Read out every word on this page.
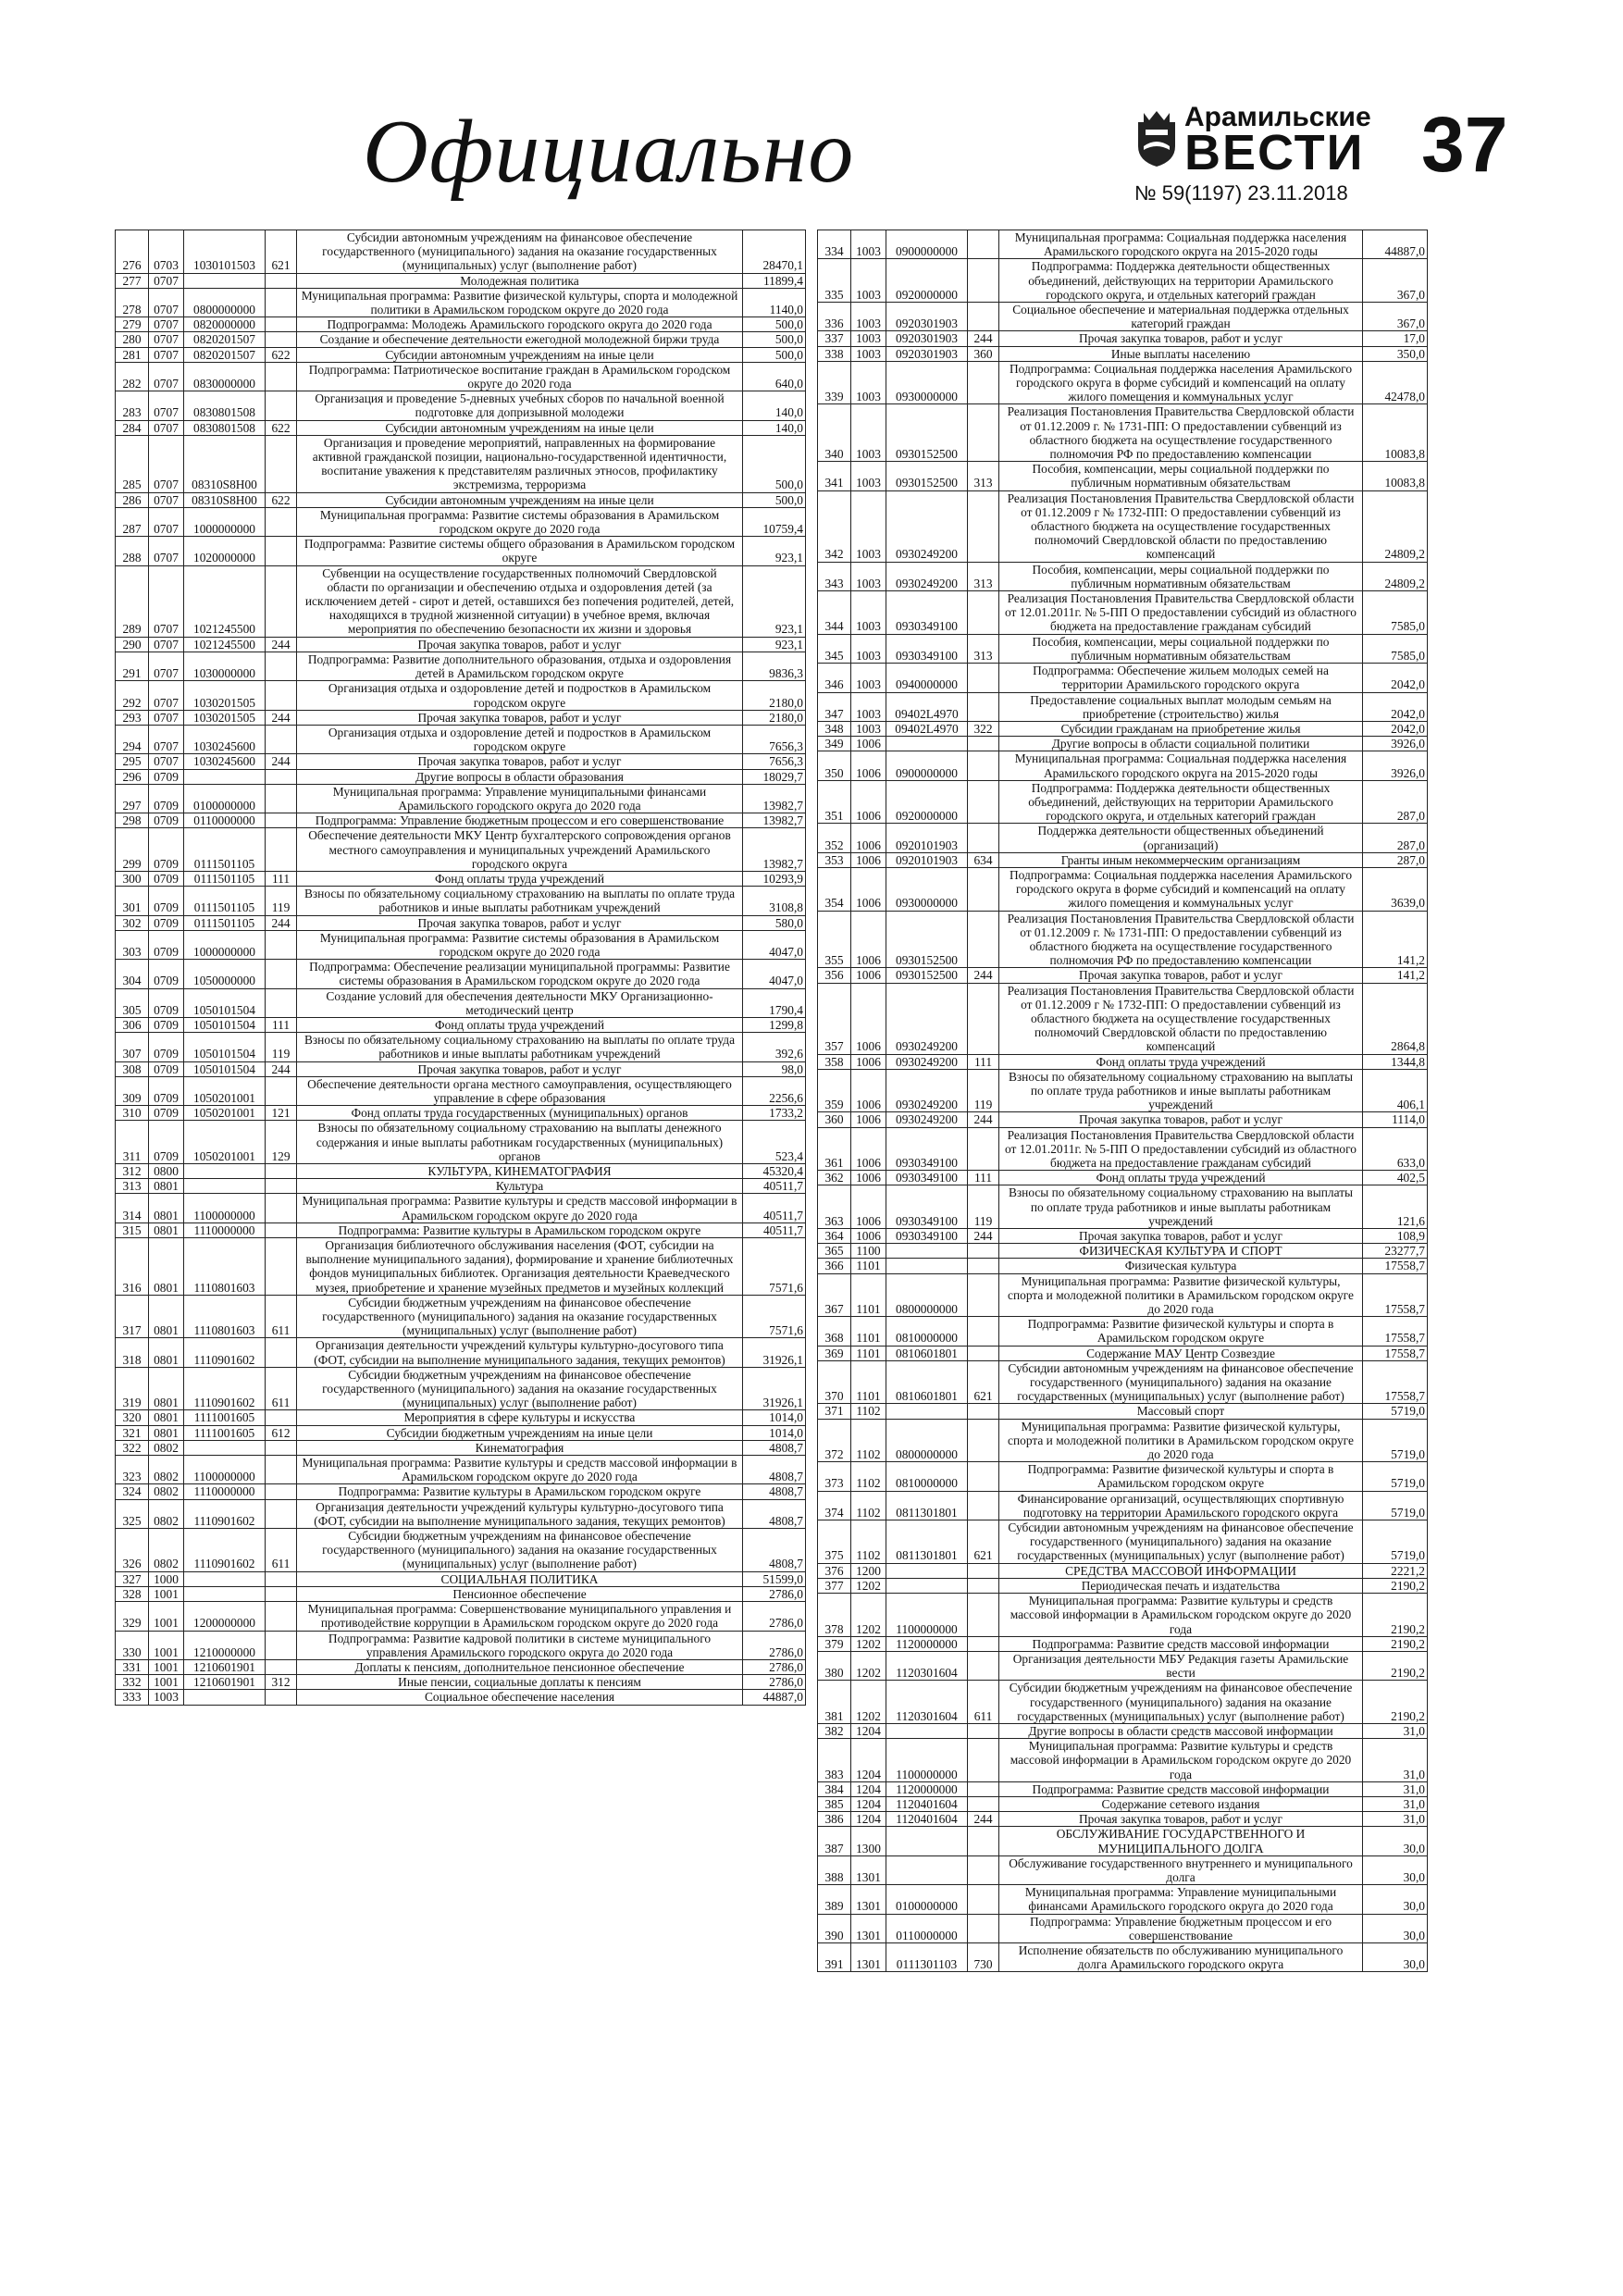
Официально	Арамильские
ВЕСТИ 37
№ 59(1197) 23.11.2018
276	0703	1030101503	621	Субсидии автономным учреждениям на финансовое обеспечение государственного (муниципального) задания на оказание государственных (муниципальных) услуг (выполнение работ)	28470,1
277	0707			Молодежная политика	11899,4
278	0707	0800000000		Муниципальная программа: Развитие физической культуры, спорта и молодежной политики в Арамильском городском округе до 2020 года	1140,0
279	0707	0820000000		Подпрограмма: Молодежь Арамильского городского округа до 2020 года	500,0
280	0707	0820201507		Создание и обеспечение деятельности ежегодной молодежной биржи труда	500,0
281	0707	0820201507	622	Субсидии автономным учреждениям на иные цели	500,0
282	0707	0830000000		Подпрограмма: Патриотическое воспитание граждан в Арамильском городском округе до 2020 года	640,0
283	0707	0830801508		Организация и проведение 5-дневных учебных сборов по начальной военной подготовке для допризывной молодежи	140,0
284	0707	0830801508	622	Субсидии автономным учреждениям на иные цели	140,0
285	0707	08310S8H00		Организация и проведение мероприятий, направленных на формирование активной гражданской позиции, национально-государственной идентичности, воспитание уважения к представителям различных этносов, профилактику экстремизма, терроризма	500,0
286	0707	08310S8H00	622	Субсидии автономным учреждениям на иные цели	500,0
287	0707	1000000000		Муниципальная программа: Развитие системы образования в Арамильском городском округе до 2020 года	10759,4
288	0707	1020000000		Подпрограмма: Развитие системы общего образования в Арамильском городском округе	923,1
289	0707	1021245500		Субвенции на осуществление государственных полномочий Свердловской области по организации и обеспечению отдыха и оздоровления детей (за исключением детей - сирот и детей, оставшихся без попечения родителей, детей, находящихся в трудной жизненной ситуации) в учебное время, включая мероприятия по обеспечению безопасности их жизни и здоровья	923,1
290	0707	1021245500	244	Прочая закупка товаров, работ и услуг	923,1
291	0707	1030000000		Подпрограмма: Развитие дополнительного образования, отдыха и оздоровления детей в Арамильском городском округе	9836,3
292	0707	1030201505		Организация отдыха и оздоровление детей и подростков в Арамильском городском округе	2180,0
293	0707	1030201505	244	Прочая закупка товаров, работ и услуг	2180,0
294	0707	1030245600		Организация отдыха и оздоровление детей и подростков в Арамильском городском округе	7656,3
295	0707	1030245600	244	Прочая закупка товаров, работ и услуг	7656,3
296	0709			Другие вопросы в области образования	18029,7
297	0709	0100000000		Муниципальная программа: Управление муниципальными финансами Арамильского городского округа до 2020 года	13982,7
298	0709	0110000000		Подпрограмма: Управление бюджетным процессом и его совершенствование	13982,7
299	0709	0111501105		Обеспечение деятельности МКУ Центр бухгалтерского сопровождения органов местного самоуправления и муниципальных учреждений Арамильского городского округа	13982,7
300	0709	0111501105	111	Фонд оплаты труда учреждений	10293,9
301	0709	0111501105	119	Взносы по обязательному социальному страхованию на выплаты по оплате труда работников и иные выплаты работникам учреждений	3108,8
302	0709	0111501105	244	Прочая закупка товаров, работ и услуг	580,0
303	0709	1000000000		Муниципальная программа: Развитие системы образования в Арамильском городском округе до 2020 года	4047,0
304	0709	1050000000		Подпрограмма: Обеспечение реализации муниципальной программы: Развитие системы образования в Арамильском городском округе до 2020 года	4047,0
305	0709	1050101504		Создание условий для обеспечения деятельности МКУ Организационно-методический центр	1790,4
306	0709	1050101504	111	Фонд оплаты труда учреждений	1299,8
307	0709	1050101504	119	Взносы по обязательному социальному страхованию на выплаты по оплате труда работников и иные выплаты работникам учреждений	392,6
308	0709	1050101504	244	Прочая закупка товаров, работ и услуг	98,0
309	0709	1050201001		Обеспечение деятельности органа местного самоуправления, осуществляющего управление в сфере образования	2256,6
310	0709	1050201001	121	Фонд оплаты труда государственных (муниципальных) органов	1733,2
311	0709	1050201001	129	Взносы по обязательному социальному страхованию на выплаты денежного содержания и иные выплаты работникам государственных (муниципальных) органов	523,4
312	0800			КУЛЬТУРА, КИНЕМАТОГРАФИЯ	45320,4
313	0801			Культура	40511,7
314	0801	1100000000		Муниципальная программа: Развитие культуры и средств массовой информации в Арамильском городском округе до 2020 года	40511,7
315	0801	1110000000		Подпрограмма: Развитие культуры в Арамильском городском округе	40511,7
316	0801	1110801603		Организация библиотечного обслуживания населения (ФОТ, субсидии на выполнение муниципального задания), формирование и хранение библиотечных фондов муниципальных библиотек. Организация деятельности Краеведческого музея, приобретение и хранение музейных предметов и музейных коллекций	7571,6
317	0801	1110801603	611	Субсидии бюджетным учреждениям на финансовое обеспечение государственного (муниципального) задания на оказание государственных (муниципальных) услуг (выполнение работ)	7571,6
318	0801	1110901602		Организация деятельности учреждений культуры культурно-досугового типа (ФОТ, субсидии на выполнение муниципального задания, текущих ремонтов)	31926,1
319	0801	1110901602	611	Субсидии бюджетным учреждениям на финансовое обеспечение государственного (муниципального) задания на оказание государственных (муниципальных) услуг (выполнение работ)	31926,1
320	0801	1111001605		Мероприятия в сфере культуры и искусства	1014,0
321	0801	1111001605	612	Субсидии бюджетным учреждениям на иные цели	1014,0
322	0802			Кинематография	4808,7
323	0802	1100000000		Муниципальная программа: Развитие культуры и средств массовой информации в Арамильском городском округе до 2020 года	4808,7
324	0802	1110000000		Подпрограмма: Развитие культуры в Арамильском городском округе	4808,7
325	0802	1110901602		Организация деятельности учреждений культуры культурно-досугового типа (ФОТ, субсидии на выполнение муниципального задания, текущих ремонтов)	4808,7
326	0802	1110901602	611	Субсидии бюджетным учреждениям на финансовое обеспечение государственного (муниципального) задания на оказание государственных (муниципальных) услуг (выполнение работ)	4808,7
327	1000			СОЦИАЛЬНАЯ ПОЛИТИКА	51599,0
328	1001			Пенсионное обеспечение	2786,0
329	1001	1200000000		Муниципальная программа: Совершенствование муниципального управления и противодействие коррупции в Арамильском городском округе до 2020 года	2786,0
330	1001	1210000000		Подпрограмма: Развитие кадровой политики в системе муниципального управления Арамильского городского округа до 2020 года	2786,0
331	1001	1210601901		Доплаты к пенсиям, дополнительное пенсионное обеспечение	2786,0
332	1001	1210601901	312	Иные пенсии, социальные доплаты к пенсиям	2786,0
333	1003			Социальное обеспечение населения	44887,0
334	1003	0900000000		Муниципальная программа: Социальная поддержка населения Арамильского городского округа на 2015-2020 годы	44887,0
335	1003	0920000000		Подпрограмма: Поддержка деятельности общественных объединений, действующих на территории Арамильского городского округа, и отдельных категорий граждан	367,0
336	1003	0920301903		Социальное обеспечение и материальная поддержка отдельных категорий граждан	367,0
337	1003	0920301903	244	Прочая закупка товаров, работ и услуг	17,0
338	1003	0920301903	360	Иные выплаты населению	350,0
339	1003	0930000000		Подпрограмма: Социальная поддержка населения Арамильского городского округа в форме субсидий и компенсаций на оплату жилого помещения и коммунальных услуг	42478,0
340	1003	0930152500		Реализация Постановления Правительства Свердловской области от 01.12.2009 г. № 1731-ПП: О предоставлении субвенций из областного бюджета на осуществление государственного полномочия РФ по предоставлению компенсации	10083,8
341	1003	0930152500	313	Пособия, компенсации, меры социальной поддержки по публичным нормативным обязательствам	10083,8
342	1003	0930249200		Реализация Постановления Правительства Свердловской области от 01.12.2009 г № 1732-ПП: О предоставлении субвенций из областного бюджета на осуществление государственных полномочий Свердловской области по предоставлению компенсаций	24809,2
343	1003	0930249200	313	Пособия, компенсации, меры социальной поддержки по публичным нормативным обязательствам	24809,2
344	1003	0930349100		Реализация Постановления Правительства Свердловской области от 12.01.2011г. № 5-ПП О предоставлении субсидий из областного бюджета на предоставление гражданам субсидий	7585,0
345	1003	0930349100	313	Пособия, компенсации, меры социальной поддержки по публичным нормативным обязательствам	7585,0
346	1003	0940000000		Подпрограмма: Обеспечение жильем молодых семей на территории Арамильского городского округа	2042,0
347	1003	09402L4970		Предоставление социальных выплат молодым семьям на приобретение (строительство) жилья	2042,0
348	1003	09402L4970	322	Субсидии гражданам на приобретение жилья	2042,0
349	1006			Другие вопросы в области социальной политики	3926,0
350	1006	0900000000		Муниципальная программа: Социальная поддержка населения Арамильского городского округа на 2015-2020 годы	3926,0
351	1006	0920000000		Подпрограмма: Поддержка деятельности общественных объединений, действующих на территории Арамильского городского округа, и отдельных категорий граждан	287,0
352	1006	0920101903		Поддержка деятельности общественных объединений (организаций)	287,0
353	1006	0920101903	634	Гранты иным некоммерческим организациям	287,0
354	1006	0930000000		Подпрограмма: Социальная поддержка населения Арамильского городского округа в форме субсидий и компенсаций на оплату жилого помещения и коммунальных услуг	3639,0
355	1006	0930152500		Реализация Постановления Правительства Свердловской области от 01.12.2009 г. № 1731-ПП: О предоставлении субвенций из областного бюджета на осуществление государственного полномочия РФ по предоставлению компенсации	141,2
356	1006	0930152500	244	Прочая закупка товаров, работ и услуг	141,2
357	1006	0930249200		Реализация Постановления Правительства Свердловской области от 01.12.2009 г № 1732-ПП: О предоставлении субвенций из областного бюджета на осуществление государственных полномочий Свердловской области по предоставлению компенсаций	2864,8
358	1006	0930249200	111	Фонд оплаты труда учреждений	1344,8
359	1006	0930249200	119	Взносы по обязательному социальному страхованию на выплаты по оплате труда работников и иные выплаты работникам учреждений	406,1
360	1006	0930249200	244	Прочая закупка товаров, работ и услуг	1114,0
361	1006	0930349100		Реализация Постановления Правительства Свердловской области от 12.01.2011г. № 5-ПП О предоставлении субсидий из областного бюджета на предоставление гражданам субсидий	633,0
362	1006	0930349100	111	Фонд оплаты труда учреждений	402,5
363	1006	0930349100	119	Взносы по обязательному социальному страхованию на выплаты по оплате труда работников и иные выплаты работникам учреждений	121,6
364	1006	0930349100	244	Прочая закупка товаров, работ и услуг	108,9
365	1100			ФИЗИЧЕСКАЯ КУЛЬТУРА И СПОРТ	23277,7
366	1101			Физическая культура	17558,7
367	1101	0800000000		Муниципальная программа: Развитие физической культуры, спорта и молодежной политики в Арамильском городском округе до 2020 года	17558,7
368	1101	0810000000		Подпрограмма: Развитие физической культуры и спорта в Арамильском городском округе	17558,7
369	1101	0810601801		Содержание МАУ Центр Созвездие	17558,7
370	1101	0810601801	621	Субсидии автономным учреждениям на финансовое обеспечение государственного (муниципального) задания на оказание государственных (муниципальных) услуг (выполнение работ)	17558,7
371	1102			Массовый спорт	5719,0
372	1102	0800000000		Муниципальная программа: Развитие физической культуры, спорта и молодежной политики в Арамильском городском округе до 2020 года	5719,0
373	1102	0810000000		Подпрограмма: Развитие физической культуры и спорта в Арамильском городском округе	5719,0
374	1102	0811301801		Финансирование организаций, осуществляющих спортивную подготовку на территории Арамильского городского округа	5719,0
375	1102	0811301801	621	Субсидии автономным учреждениям на финансовое обеспечение государственного (муниципального) задания на оказание государственных (муниципальных) услуг (выполнение работ)	5719,0
376	1200			СРЕДСТВА МАССОВОЙ ИНФОРМАЦИИ	2221,2
377	1202			Периодическая печать и издательства	2190,2
378	1202	1100000000		Муниципальная программа: Развитие культуры и средств массовой информации в Арамильском городском округе до 2020 года	2190,2
379	1202	1120000000		Подпрограмма: Развитие средств массовой информации	2190,2
380	1202	1120301604		Организация деятельности МБУ Редакция газеты Арамильские вести	2190,2
381	1202	1120301604	611	Субсидии бюджетным учреждениям на финансовое обеспечение государственного (муниципального) задания на оказание государственных (муниципальных) услуг (выполнение работ)	2190,2
382	1204			Другие вопросы в области средств массовой информации	31,0
383	1204	1100000000		Муниципальная программа: Развитие культуры и средств массовой информации в Арамильском городском округе до 2020 года	31,0
384	1204	1120000000		Подпрограмма: Развитие средств массовой информации	31,0
385	1204	1120401604		Содержание сетевого издания	31,0
386	1204	1120401604	244	Прочая закупка товаров, работ и услуг	31,0
387	1300			ОБСЛУЖИВАНИЕ ГОСУДАРСТВЕННОГО И МУНИЦИПАЛЬНОГО ДОЛГА	30,0
388	1301			Обслуживание государственного внутреннего и муниципального долга	30,0
389	1301	0100000000		Муниципальная программа: Управление муниципальными финансами Арамильского городского округа до 2020 года	30,0
390	1301	0110000000		Подпрограмма: Управление бюджетным процессом и его совершенствование	30,0
391	1301	0111301103	730	Исполнение обязательств по обслуживанию муниципального долга Арамильского городского округа	30,0
